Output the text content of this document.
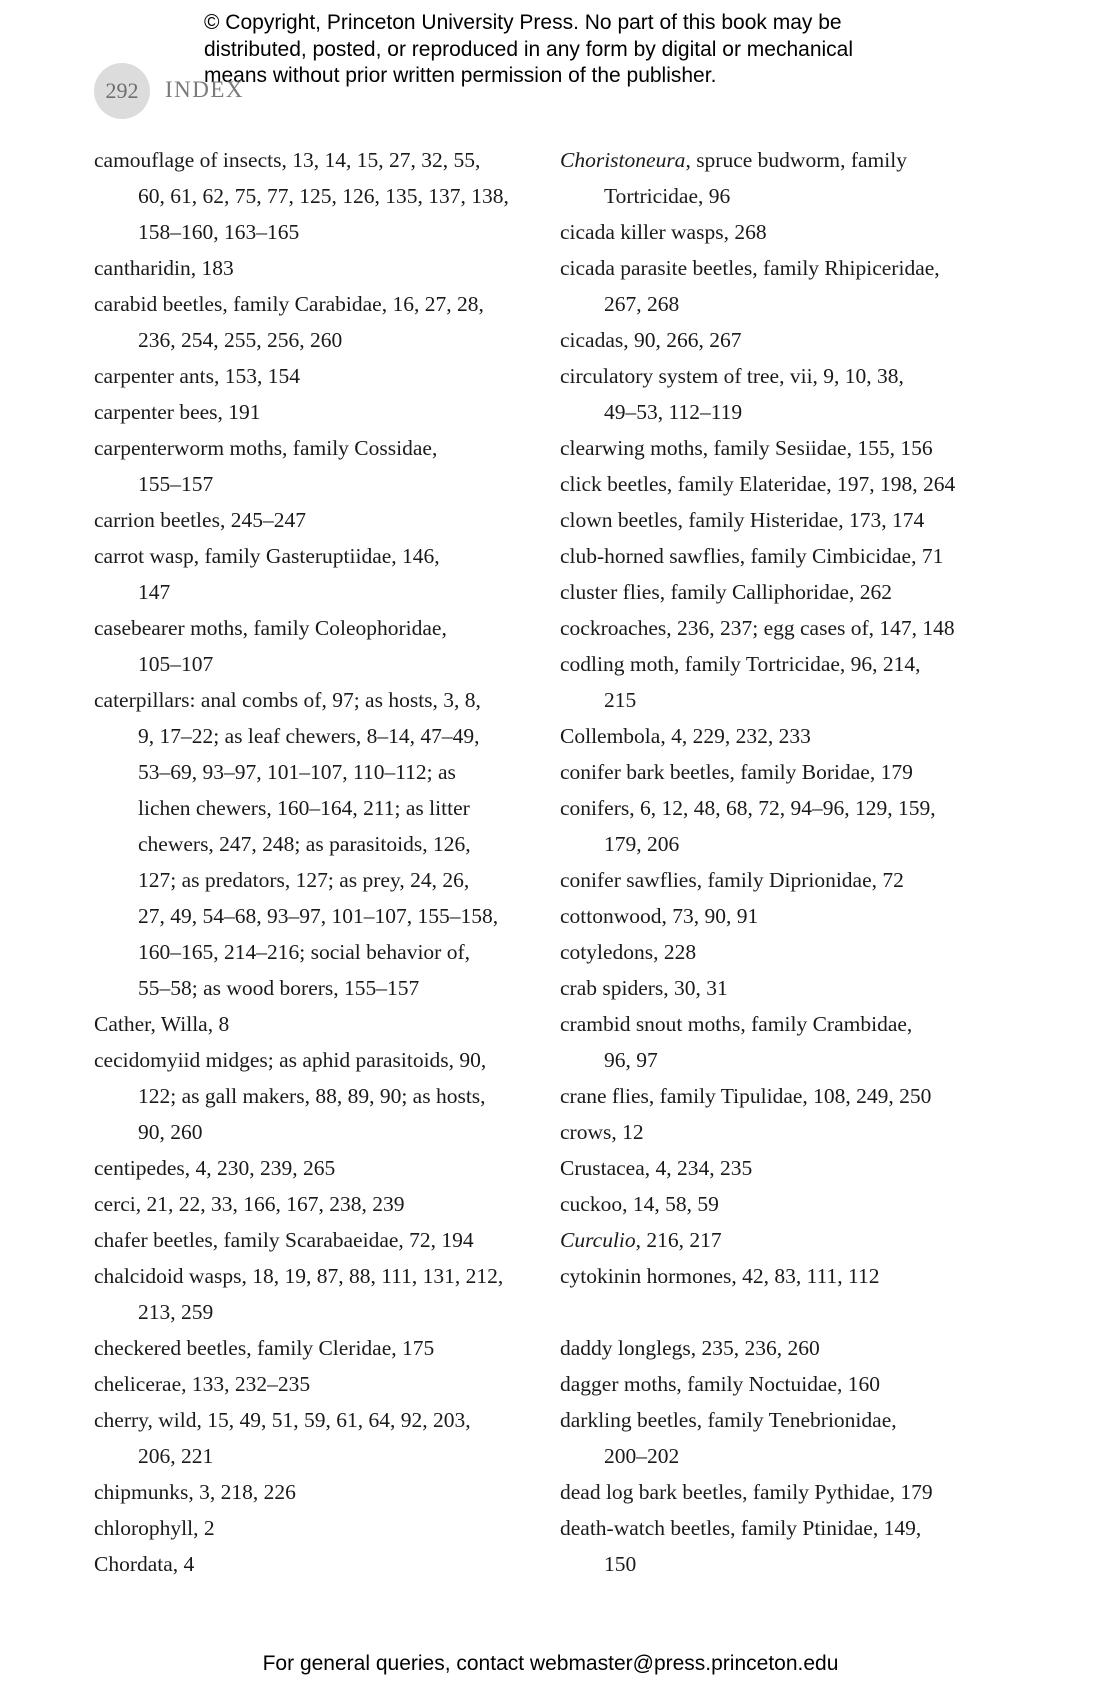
© Copyright, Princeton University Press. No part of this book may be
distributed, posted, or reproduced in any form by digital or mechanical
means without prior written permission of the publisher.
292	INDEX
camouflage of insects, 13, 14, 15, 27, 32, 55,
60, 61, 62, 75, 77, 125, 126, 135, 137, 138,
158–160, 163–165
cantharidin, 183
carabid beetles, family Carabidae, 16, 27, 28,
236, 254, 255, 256, 260
carpenter ants, 153, 154
carpenter bees, 191
carpenterworm moths, family Cossidae,
155–157
carrion beetles, 245–247
carrot wasp, family Gasteruptiidae, 146,
147
casebearer moths, family Coleophoridae,
105–107
caterpillars: anal combs of, 97; as hosts, 3, 8,
9, 17–22; as leaf chewers, 8–14, 47–49,
53–69, 93–97, 101–107, 110–112; as
lichen chewers, 160–164, 211; as litter
chewers, 247, 248; as parasitoids, 126,
127; as predators, 127; as prey, 24, 26,
27, 49, 54–68, 93–97, 101–107, 155–158,
160–165, 214–216; social behavior of,
55–58; as wood borers, 155–157
Cather, Willa, 8
cecidomyiid midges; as aphid parasitoids, 90,
122; as gall makers, 88, 89, 90; as hosts,
90, 260
centipedes, 4, 230, 239, 265
cerci, 21, 22, 33, 166, 167, 238, 239
chafer beetles, family Scarabaeidae, 72, 194
chalcidoid wasps, 18, 19, 87, 88, 111, 131, 212,
213, 259
checkered beetles, family Cleridae, 175
chelicerae, 133, 232–235
cherry, wild, 15, 49, 51, 59, 61, 64, 92, 203,
206, 221
chipmunks, 3, 218, 226
chlorophyll, 2
Chordata, 4
Choristoneura, spruce budworm, family
Tortricidae, 96
cicada killer wasps, 268
cicada parasite beetles, family Rhipiceridae,
267, 268
cicadas, 90, 266, 267
circulatory system of tree, vii, 9, 10, 38,
49–53, 112–119
clearwing moths, family Sesiidae, 155, 156
click beetles, family Elateridae, 197, 198, 264
clown beetles, family Histeridae, 173, 174
club-horned sawflies, family Cimbicidae, 71
cluster flies, family Calliphoridae, 262
cockroaches, 236, 237; egg cases of, 147, 148
codling moth, family Tortricidae, 96, 214,
215
Collembola, 4, 229, 232, 233
conifer bark beetles, family Boridae, 179
conifers, 6, 12, 48, 68, 72, 94–96, 129, 159,
179, 206
conifer sawflies, family Diprionidae, 72
cottonwood, 73, 90, 91
cotyledons, 228
crab spiders, 30, 31
crambid snout moths, family Crambidae,
96, 97
crane flies, family Tipulidae, 108, 249, 250
crows, 12
Crustacea, 4, 234, 235
cuckoo, 14, 58, 59
Curculio, 216, 217
cytokinin hormones, 42, 83, 111, 112
daddy longlegs, 235, 236, 260
dagger moths, family Noctuidae, 160
darkling beetles, family Tenebrionidae,
200–202
dead log bark beetles, family Pythidae, 179
death-watch beetles, family Ptinidae, 149,
150
For general queries, contact webmaster@press.princeton.edu
